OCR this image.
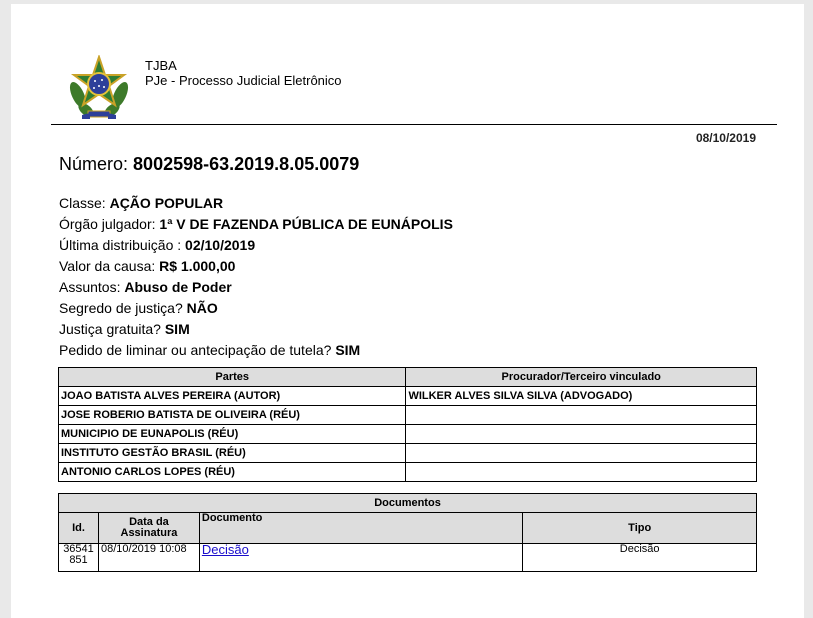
TJBA
PJe - Processo Judicial Eletrônico
08/10/2019
Número: 8002598-63.2019.8.05.0079
Classe: AÇÃO POPULAR
Órgão julgador: 1ª V DE FAZENDA PÚBLICA DE EUNÁPOLIS
Última distribuição : 02/10/2019
Valor da causa: R$ 1.000,00
Assuntos: Abuso de Poder
Segredo de justiça? NÃO
Justiça gratuita? SIM
Pedido de liminar ou antecipação de tutela? SIM
Partes	Procurador/Terceiro vinculado
JOAO BATISTA ALVES PEREIRA (AUTOR)	WILKER ALVES SILVA SILVA (ADVOGADO)
JOSE ROBERIO BATISTA DE OLIVEIRA (RÉU)	
MUNICIPIO DE EUNAPOLIS (RÉU)	
INSTITUTO GESTÃO BRASIL (RÉU)	
ANTONIO CARLOS LOPES (RÉU)	
Documentos			
Id.	Data da Assinatura	Documento	Tipo
36541 851	08/10/2019 10:08	Decisão	Decisão
